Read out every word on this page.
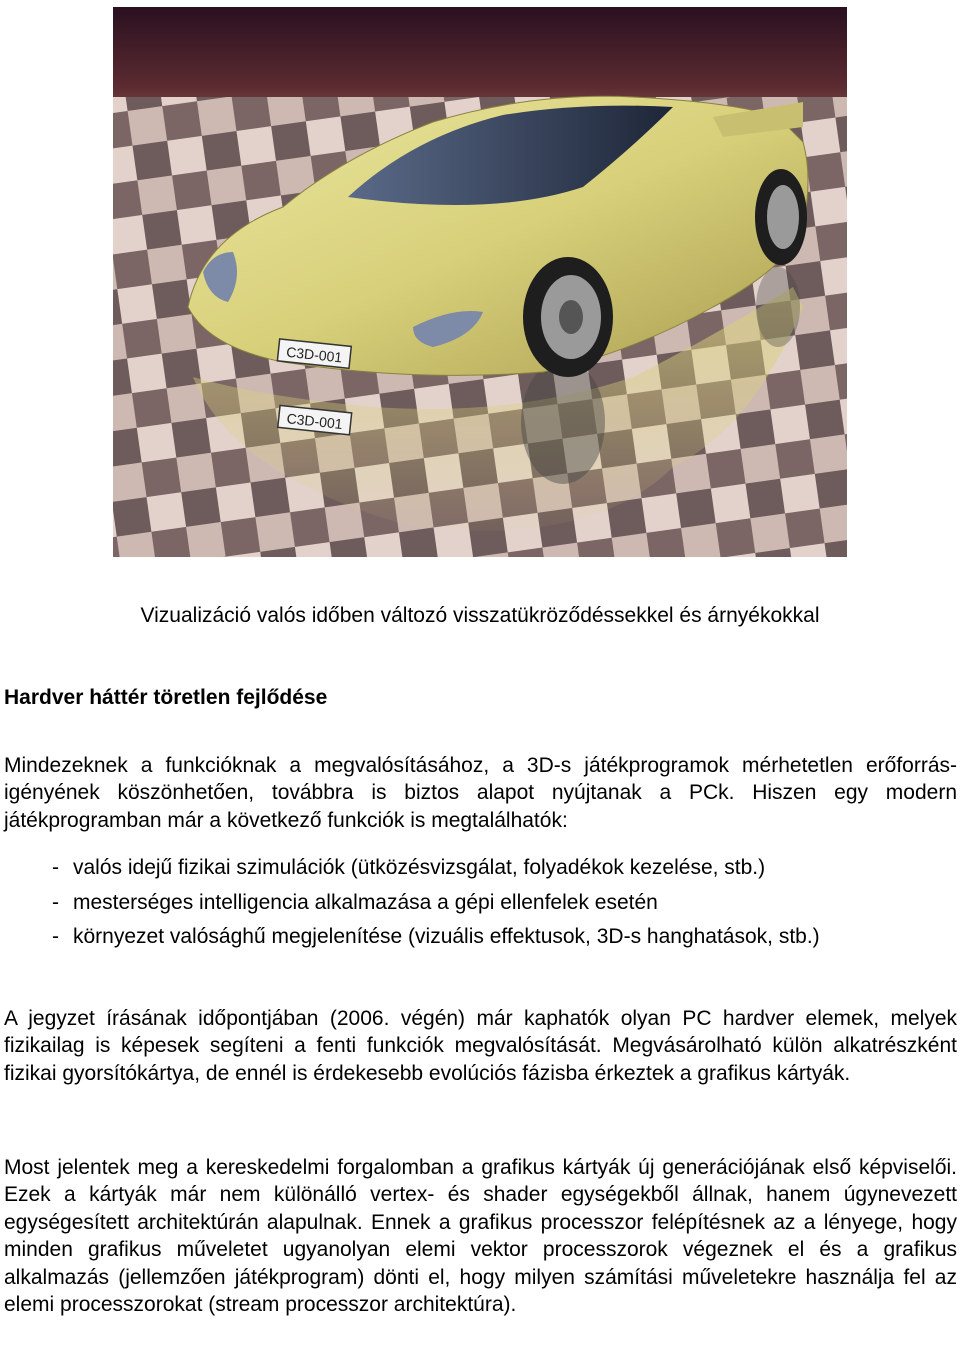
C3D-001
C3D-001
Vizualizáció valós időben változó visszatükröződéssekkel és árnyékokkal
Hardver háttér töretlen fejlődése
Mindezeknek a funkcióknak a megvalósításához, a 3D-s játékprogramok mérhetetlen erőforrás-igényének köszönhetően, továbbra is biztos alapot nyújtanak a PCk. Hiszen egy modern játékprogramban már a következő funkciók is megtalálhatók:
- valós idejű fizikai szimulációk (ütközésvizsgálat, folyadékok kezelése, stb.)
- mesterséges intelligencia alkalmazása a gépi ellenfelek esetén
- környezet valósághű megjelenítése (vizuális effektusok, 3D-s hanghatások, stb.)
A jegyzet írásának időpontjában (2006. végén) már kaphatók olyan PC hardver elemek, melyek fizikailag is képesek segíteni a fenti funkciók megvalósítását. Megvásárolható külön alkatrészként fizikai gyorsítókártya, de ennél is érdekesebb evolúciós fázisba érkeztek a grafikus kártyák.
Most jelentek meg a kereskedelmi forgalomban a grafikus kártyák új generációjának első képviselői. Ezek a kártyák már nem különálló vertex- és shader egységekből állnak, hanem úgynevezett egységesített architektúrán alapulnak. Ennek a grafikus processzor felépítésnek az a lényege, hogy minden grafikus műveletet ugyanolyan elemi vektor processzorok végeznek el és a grafikus alkalmazás (jellemzően játékprogram) dönti el, hogy milyen számítási műveletekre használja fel az elemi processzorokat (stream processzor architektúra).
